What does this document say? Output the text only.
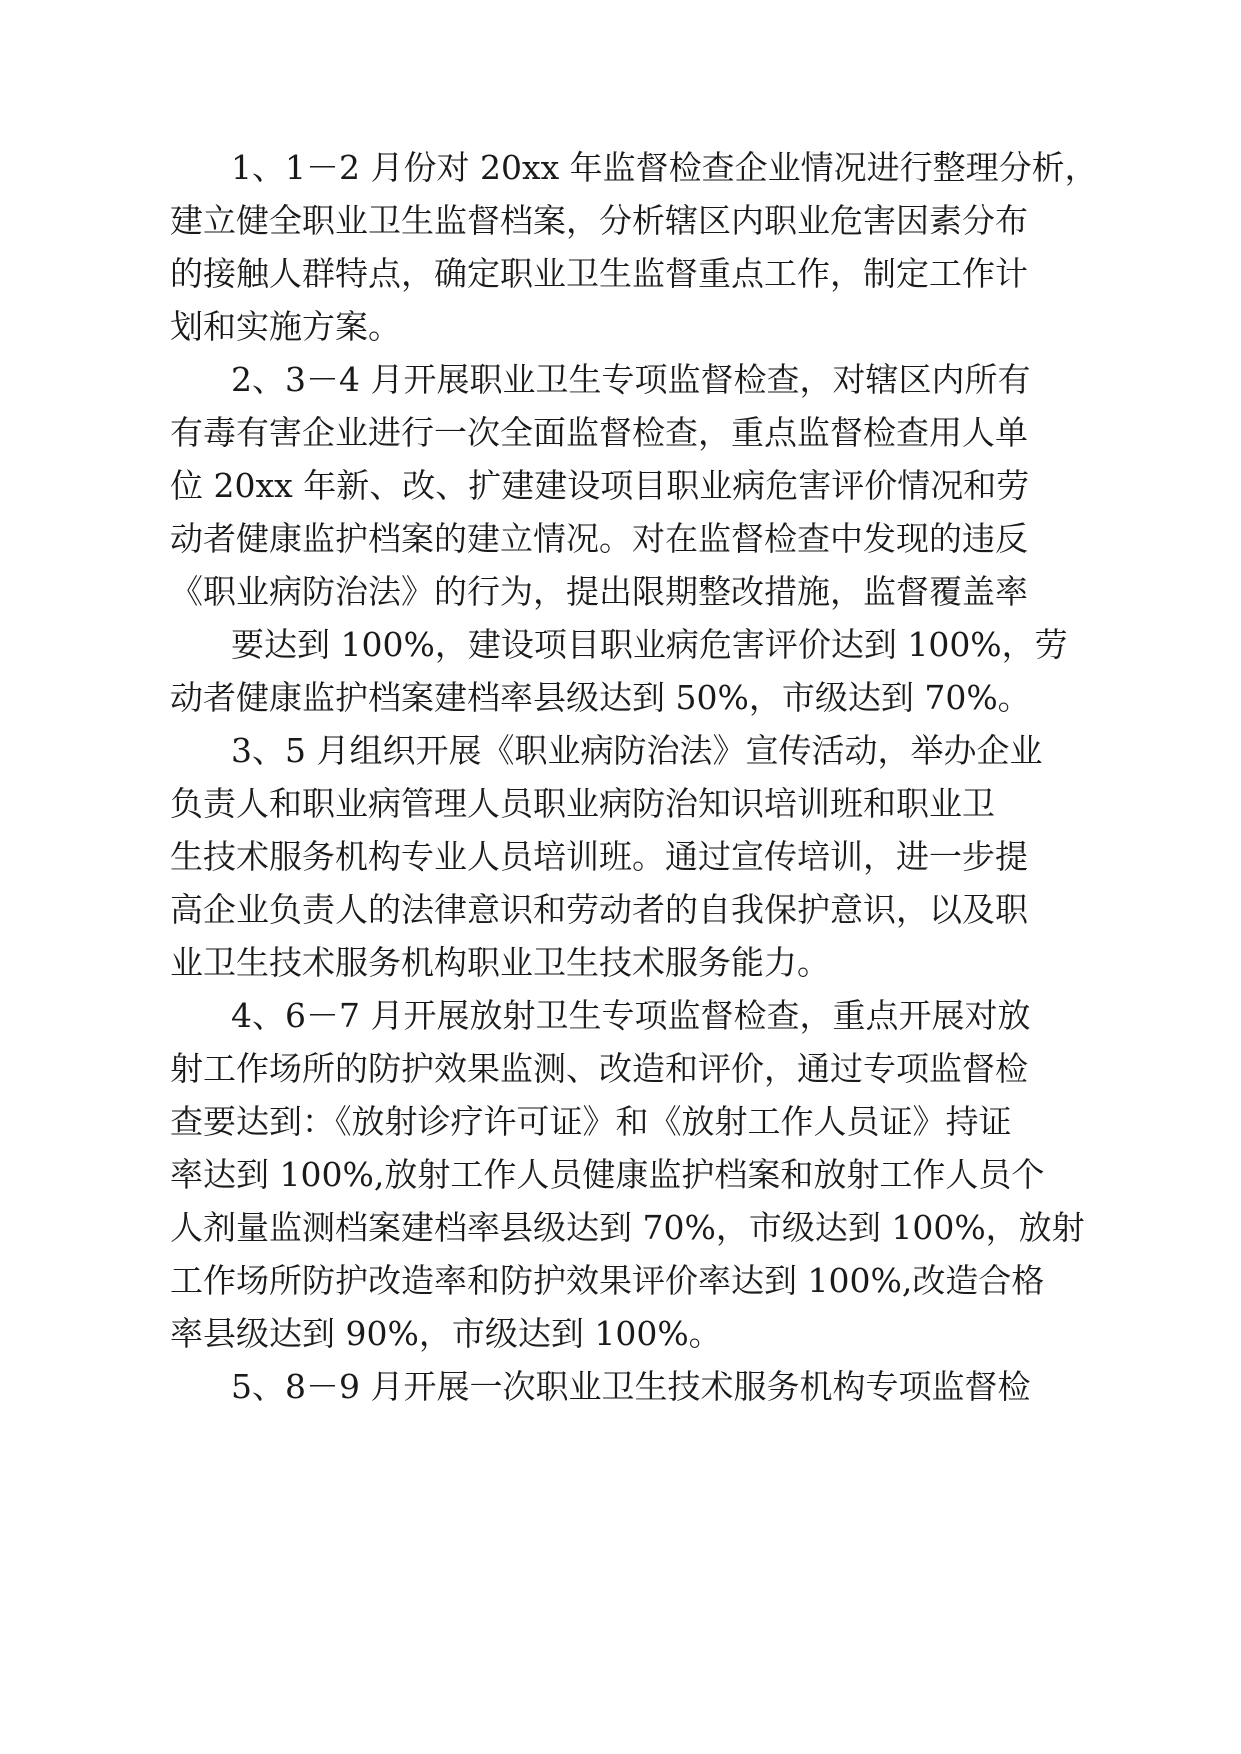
1、1－2 月份对 20xx 年监督检查企业情况进行整理分析，
建立健全职业卫生监督档案，分析辖区内职业危害因素分布
的接触人群特点，确定职业卫生监督重点工作，制定工作计
划和实施方案。
2、3－4 月开展职业卫生专项监督检查，对辖区内所有
有毒有害企业进行一次全面监督检查，重点监督检查用人单
位 20xx 年新、改、扩建建设项目职业病危害评价情况和劳
动者健康监护档案的建立情况。对在监督检查中发现的违反
《职业病防治法》的行为，提出限期整改措施，监督覆盖率
要达到 100%，建设项目职业病危害评价达到 100%，劳
动者健康监护档案建档率县级达到 50%，市级达到 70%。
3、5 月组织开展《职业病防治法》宣传活动，举办企业
负责人和职业病管理人员职业病防治知识培训班和职业卫
生技术服务机构专业人员培训班。通过宣传培训，进一步提
高企业负责人的法律意识和劳动者的自我保护意识，以及职
业卫生技术服务机构职业卫生技术服务能力。
4、6－7 月开展放射卫生专项监督检查，重点开展对放
射工作场所的防护效果监测、改造和评价，通过专项监督检
查要达到：《放射诊疗许可证》和《放射工作人员证》持证
率达到 100%,放射工作人员健康监护档案和放射工作人员个
人剂量监测档案建档率县级达到 70%，市级达到 100%，放射
工作场所防护改造率和防护效果评价率达到 100%,改造合格
率县级达到 90%，市级达到 100%。
5、8－9 月开展一次职业卫生技术服务机构专项监督检
